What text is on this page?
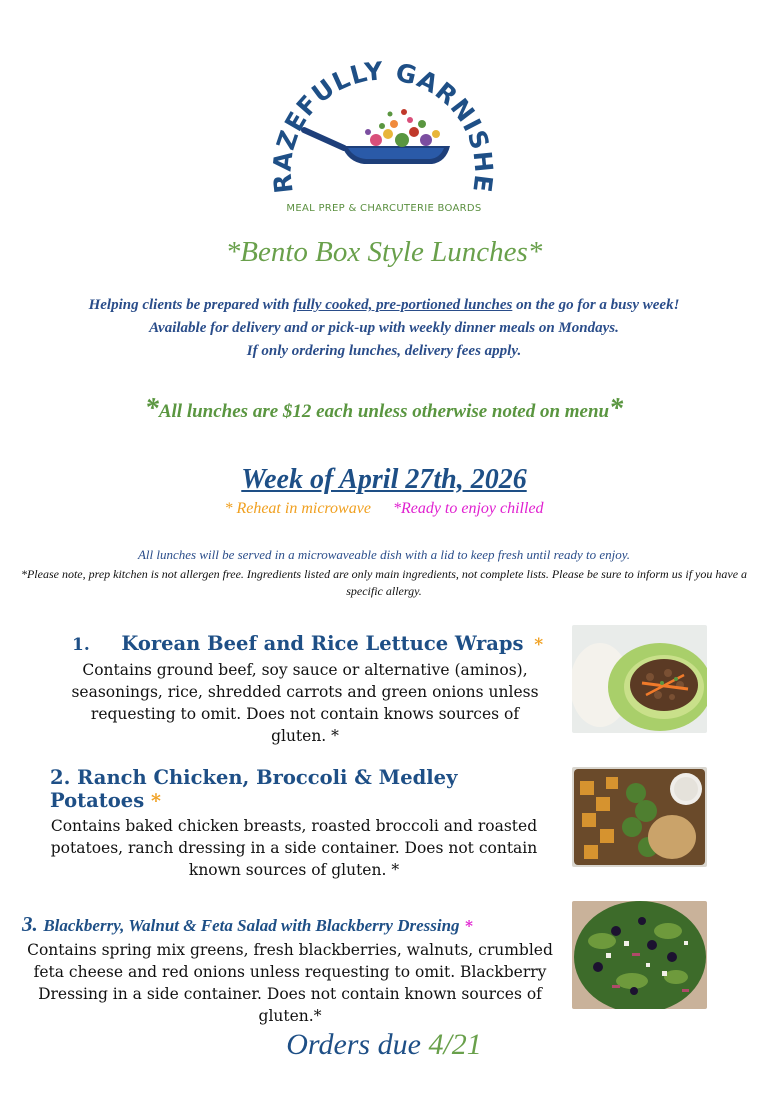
RAZEFULLY GARNISHE
MEAL PREP & CHARCUTERIE BOARDS
*Bento Box Style Lunches*
Helping clients be prepared with fully cooked, pre-portioned lunches on the go for a busy week!
Available for delivery and or pick-up with weekly dinner meals on Mondays.
If only ordering lunches, delivery fees apply.
*All lunches are $12 each unless otherwise noted on menu*
Week of April 27th, 2026
* Reheat in microwave *Ready to enjoy chilled
All lunches will be served in a microwaveable dish with a lid to keep fresh until ready to enjoy.
*Please note, prep kitchen is not allergen free. Ingredients listed are only main ingredients, not complete lists. Please be sure to inform us if you have a specific allergy.
1. Korean Beef and Rice Lettuce Wraps *
Contains ground beef, soy sauce or alternative (aminos), seasonings, rice, shredded carrots and green onions unless requesting to omit. Does not contain knows sources of gluten. *
2. Ranch Chicken, Broccoli & Medley Potatoes *
Contains baked chicken breasts, roasted broccoli and roasted potatoes, ranch dressing in a side container. Does not contain known sources of gluten. *
3. Blackberry, Walnut & Feta Salad with Blackberry Dressing *
Contains spring mix greens, fresh blackberries, walnuts, crumbled feta cheese and red onions unless requesting to omit. Blackberry Dressing in a side container. Does not contain known sources of gluten.*
Orders due 4/21
